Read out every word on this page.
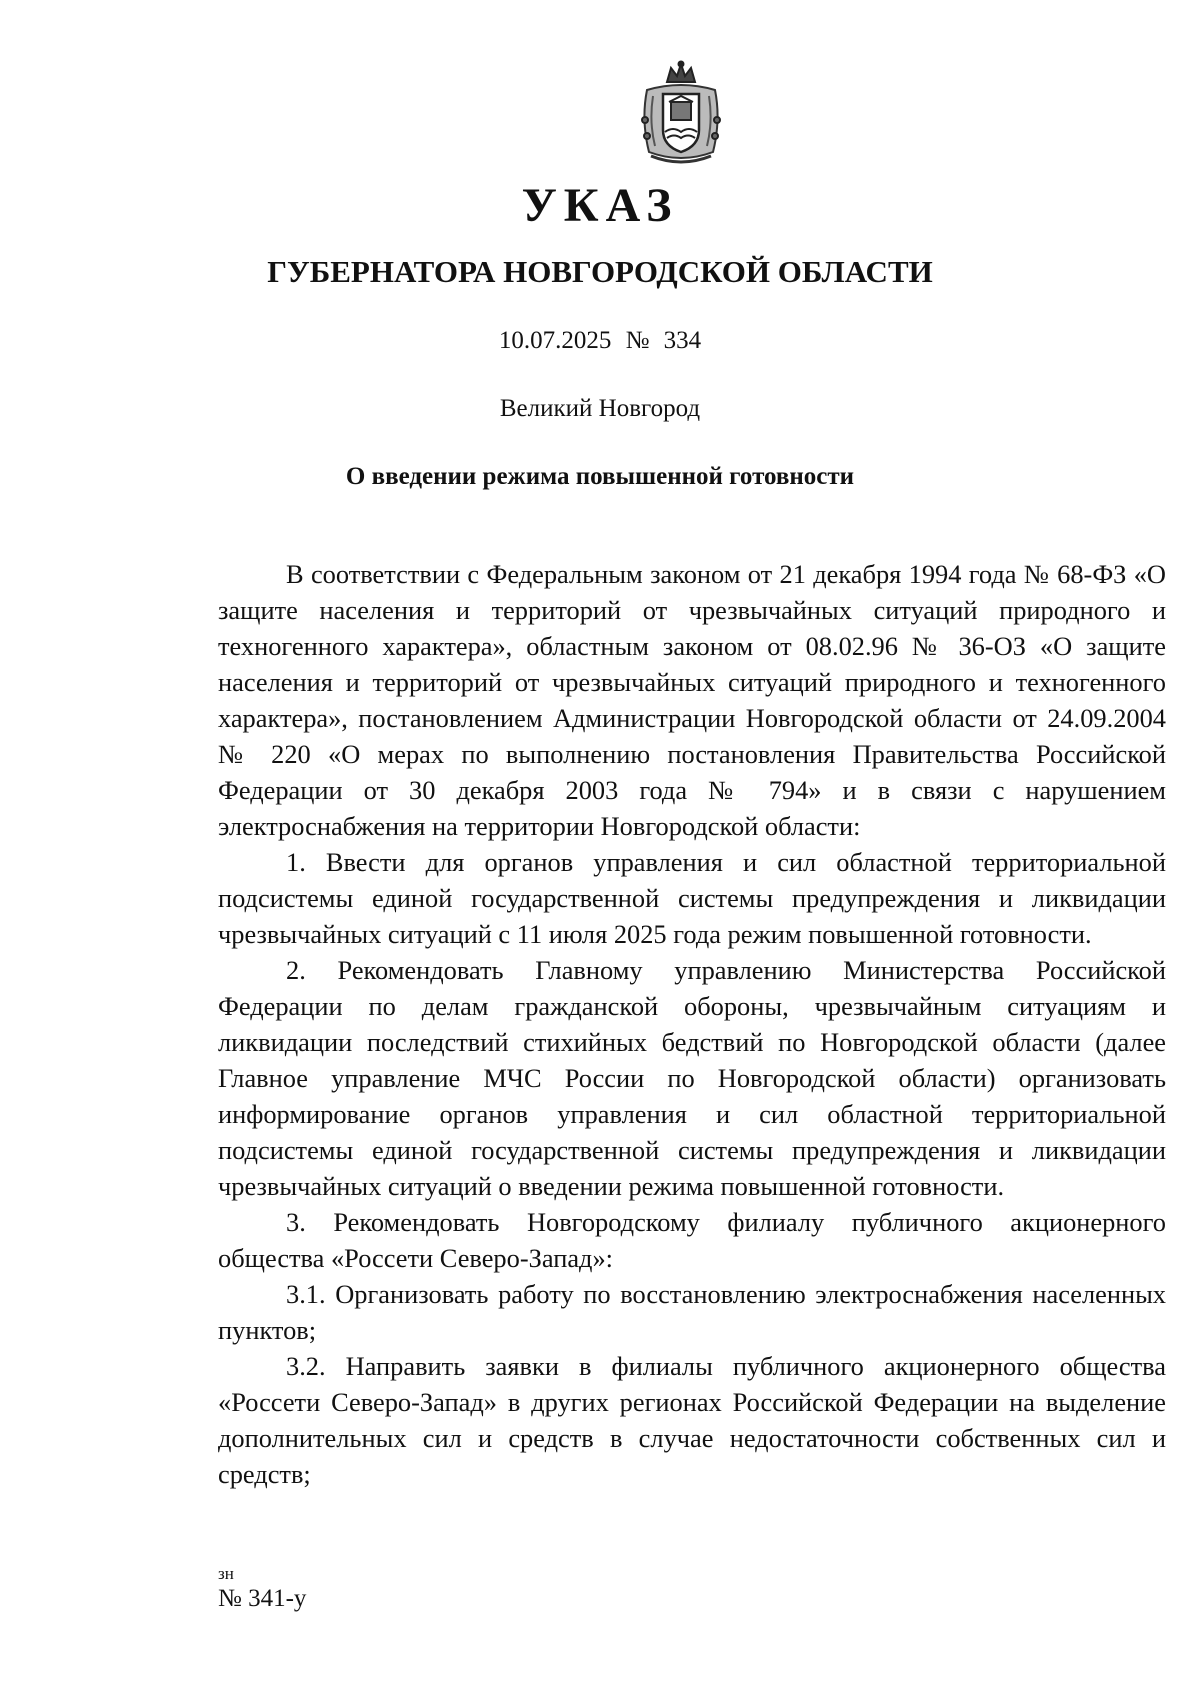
УКАЗ
ГУБЕРНАТОРА НОВГОРОДСКОЙ ОБЛАСТИ
10.07.2025 № 334
Великий Новгород
О введении режима повышенной готовности

В соответствии с Федеральным законом от 21 декабря 1994 года № 68-ФЗ «О защите населения и территорий от чрезвычайных ситуаций природного и техногенного характера», областным законом от 08.02.96 № 36-ОЗ «О защите населения и территорий от чрезвычайных ситуаций природного и техногенного характера», постановлением Администрации Новгородской области от 24.09.2004 № 220 «О мерах по выполнению постановления Правительства Российской Федерации от 30 декабря 2003 года № 794» и в связи с нарушением электроснабжения на территории Новгородской области:

1. Ввести для органов управления и сил областной территориальной подсистемы единой государственной системы предупреждения и ликвидации чрезвычайных ситуаций с 11 июля 2025 года режим повышенной готовности.

2. Рекомендовать Главному управлению Министерства Российской Федерации по делам гражданской обороны, чрезвычайным ситуациям и ликвидации последствий стихийных бедствий по Новгородской области (далее Главное управление МЧС России по Новгородской области) организовать информирование органов управления и сил областной территориальной подсистемы единой государственной системы предупреждения и ликвидации чрезвычайных ситуаций о введении режима повышенной готовности.

3. Рекомендовать Новгородскому филиалу публичного акционерного общества «Россети Северо-Запад»:

3.1. Организовать работу по восстановлению электроснабжения населенных пунктов;

3.2. Направить заявки в филиалы публичного акционерного общества «Россети Северо-Запад» в других регионах Российской Федерации на выделение дополнительных сил и средств в случае недостаточности собственных сил и средств;

зн
№ 341-у
